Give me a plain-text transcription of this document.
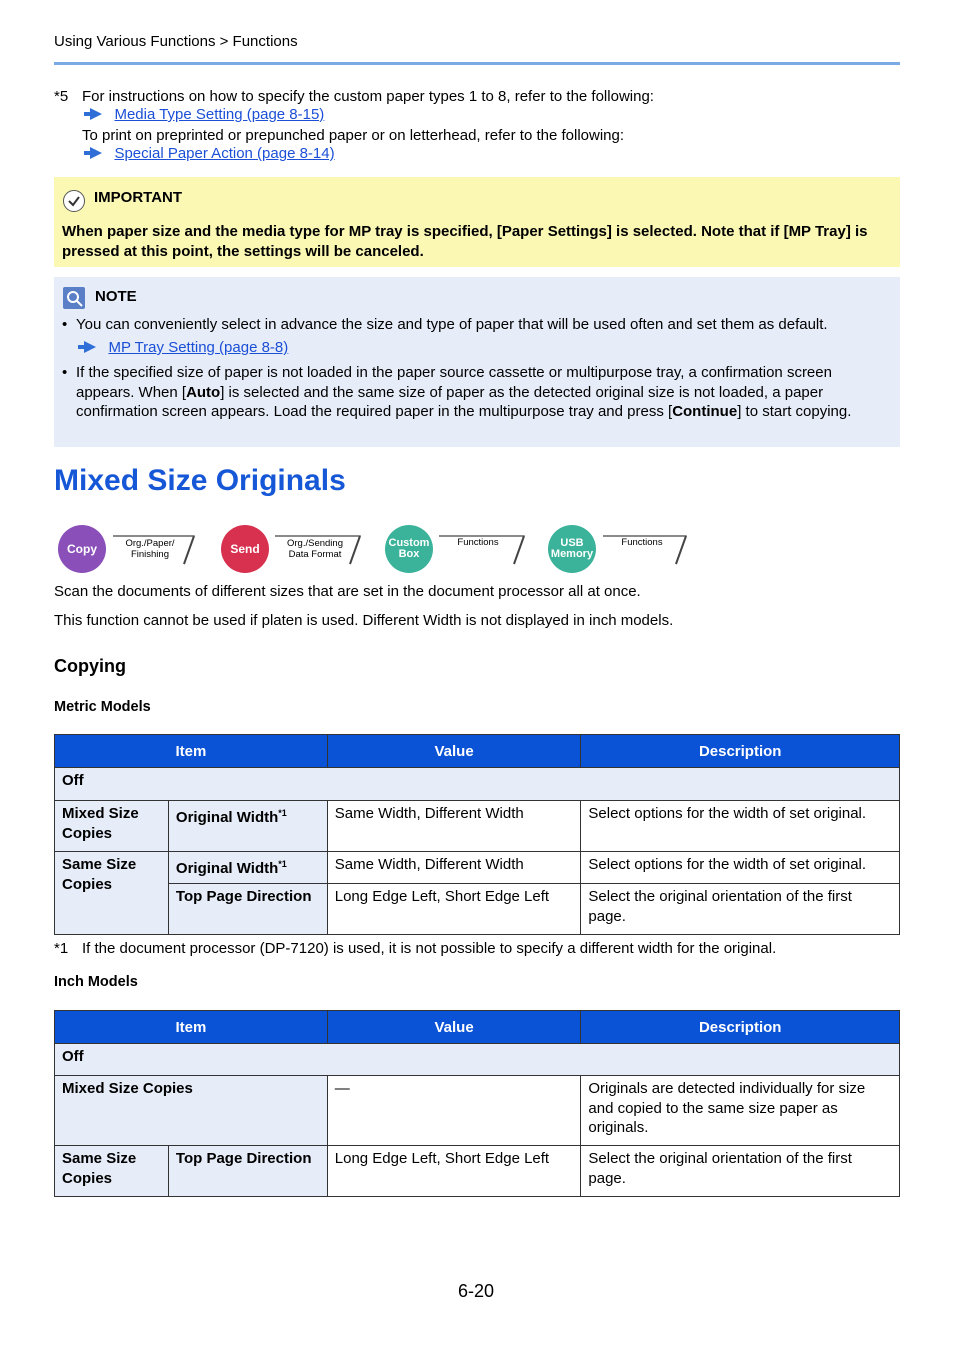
Using Various Functions > Functions
*5 For instructions on how to specify the custom paper types 1 to 8, refer to the following:
Media Type Setting (page 8-15)
To print on preprinted or prepunched paper or on letterhead, refer to the following:
Special Paper Action (page 8-14)
IMPORTANT
When paper size and the media type for MP tray is specified, [Paper Settings] is selected. Note that if [MP Tray] is pressed at this point, the settings will be canceled.
NOTE
• You can conveniently select in advance the size and type of paper that will be used often and set them as default.
MP Tray Setting (page 8-8)
• If the specified size of paper is not loaded in the paper source cassette or multipurpose tray, a confirmation screen appears. When [Auto] is selected and the same size of paper as the detected original size is not loaded, a paper confirmation screen appears. Load the required paper in the multipurpose tray and press [Continue] to start copying.
Mixed Size Originals
Copy	Org./Paper/
Finishing	Send	Org./Sending
Data Format
Custom
Box
Functions	USB
Memory
Functions
Scan the documents of different sizes that are set in the document processor all at once.
This function cannot be used if platen is used. Different Width is not displayed in inch models.
Copying
Metric Models
Item		Value	Description
Off			
Mixed Size Copies	Original Width$^{*1}$	Same Width, Different Width	Select options for the width of set original.
Same Size Copies	Original Width$^{*1}$	Same Width, Different Width	Select options for the width of set original.
	Top Page Direction	Long Edge Left, Short Edge Left	Select the original orientation of the first page.
*1 If the document processor (DP-7120) is used, it is not possible to specify a different width for the original.
Inch Models
Item		Value	Description
Off			
Mixed Size Copies		—	Originals are detected individually for size and copied to the same size paper as originals.
Same Size Copies	Top Page Direction	Long Edge Left, Short Edge Left	Select the original orientation of the first page.
6-20
